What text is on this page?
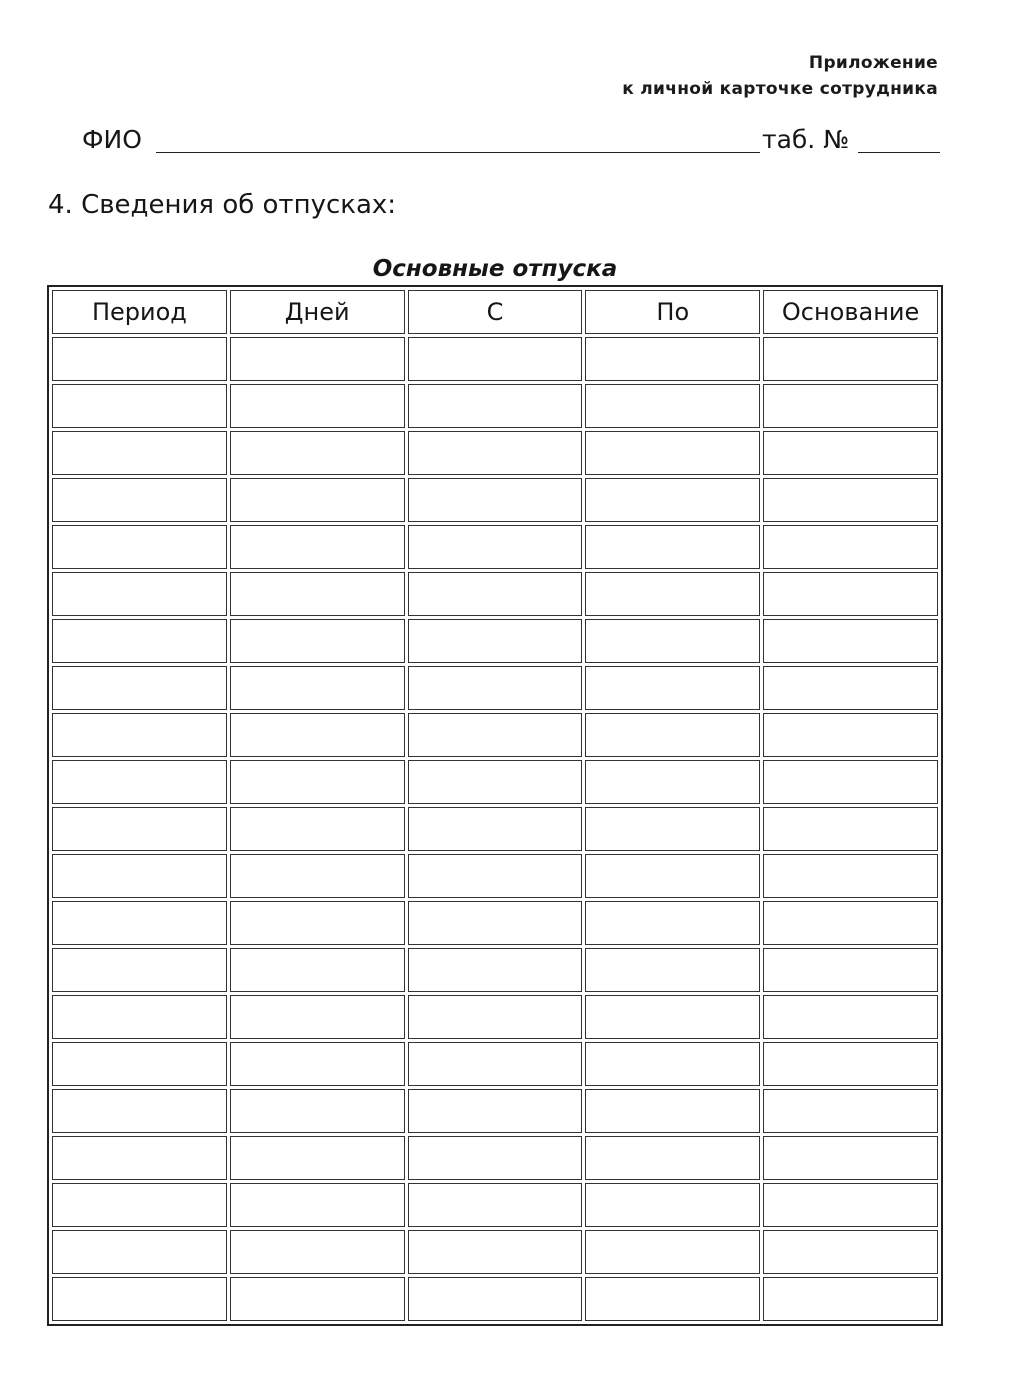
Приложение
к личной карточке сотрудника
ФИО	таб. №
4. Сведения об отпусках:
Основные отпуска
Период	Дней	С	По	Основание
